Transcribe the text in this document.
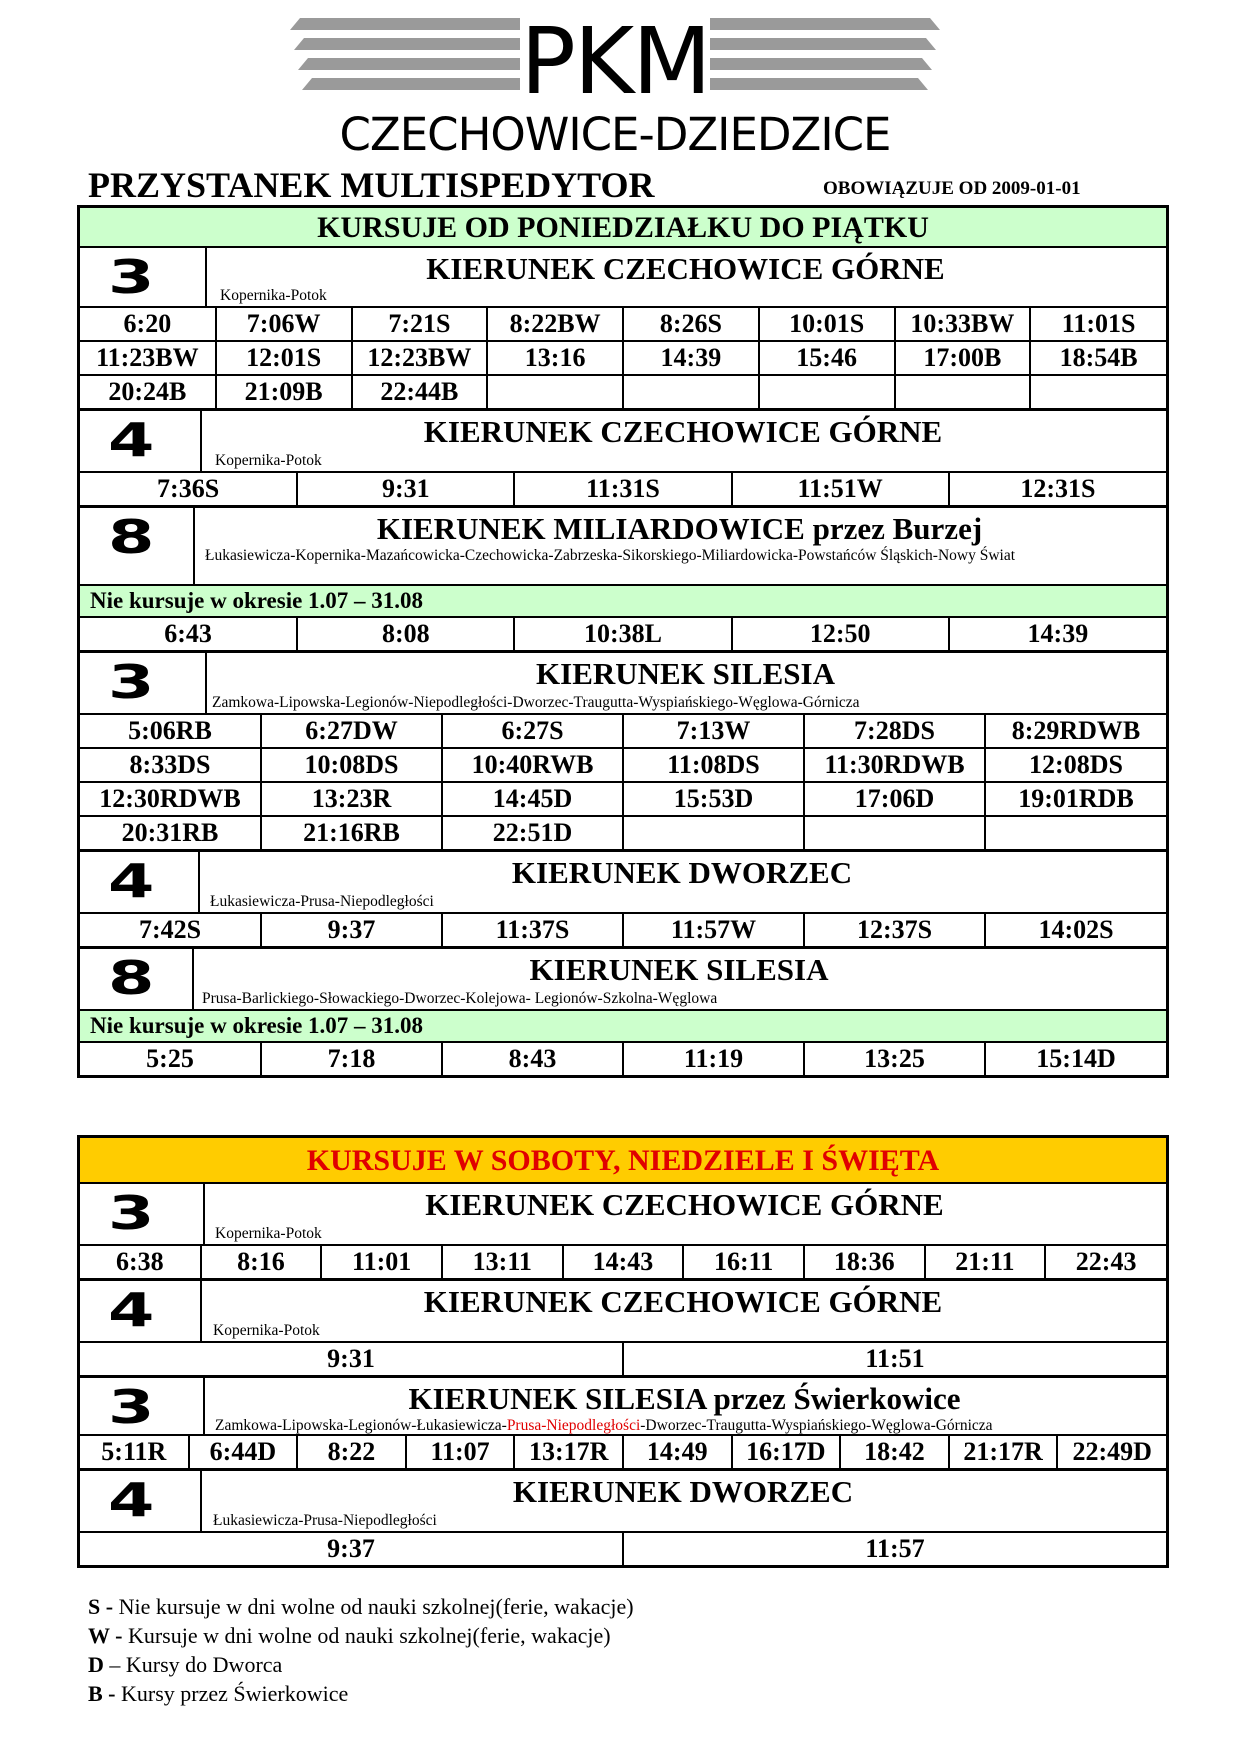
PKM
CZECHOWICE-DZIEDZICE
PRZYSTANEK MULTISPEDYTOR	OBOWIĄZUJE OD 2009-01-01
KURSUJE OD PONIEDZIAŁKU DO PIĄTKU
3	KIERUNEK CZECHOWICE GÓRNE
Kopernika-Potok
6:20	7:06W	7:21S	8:22BW	8:26S	10:01S	10:33BW	11:01S
11:23BW	12:01S	12:23BW	13:16	14:39	15:46	17:00B	18:54B
20:24B	21:09B	22:44B					
4	KIERUNEK CZECHOWICE GÓRNE
Kopernika-Potok
7:36S	9:31	11:31S	11:51W	12:31S
8	KIERUNEK MILIARDOWICE przez Burzej
Łukasiewicza-Kopernika-Mazańcowicka-Czechowicka-Zabrzeska-Sikorskiego-Miliardowicka-Powstańców Śląskich-Nowy Świat
Nie kursuje w okresie 1.07 – 31.08
6:43	8:08	10:38L	12:50	14:39
3	KIERUNEK SILESIA
Zamkowa-Lipowska-Legionów-Niepodległości-Dworzec-Traugutta-Wyspiańskiego-Węglowa-Górnicza
5:06RB	6:27DW	6:27S	7:13W	7:28DS	8:29RDWB
8:33DS	10:08DS	10:40RWB	11:08DS	11:30RDWB	12:08DS
12:30RDWB	13:23R	14:45D	15:53D	17:06D	19:01RDB
20:31RB	21:16RB	22:51D			
4	KIERUNEK DWORZEC
Łukasiewicza-Prusa-Niepodległości
7:42S	9:37	11:37S	11:57W	12:37S	14:02S
8	KIERUNEK SILESIA
Prusa-Barlickiego-Słowackiego-Dworzec-Kolejowa- Legionów-Szkolna-Węglowa
Nie kursuje w okresie 1.07 – 31.08
5:25	7:18	8:43	11:19	13:25	15:14D
KURSUJE W SOBOTY, NIEDZIELE I ŚWIĘTA
3	KIERUNEK CZECHOWICE GÓRNE
Kopernika-Potok
6:38	8:16	11:01	13:11	14:43	16:11	18:36	21:11	22:43
4	KIERUNEK CZECHOWICE GÓRNE
Kopernika-Potok
9:31	11:51
3	KIERUNEK SILESIA przez Świerkowice
Zamkowa-Lipowska-Legionów-Łukasiewicza-Prusa-Niepodległości-Dworzec-Traugutta-Wyspiańskiego-Węglowa-Górnicza
5:11R	6:44D	8:22	11:07	13:17R	14:49	16:17D	18:42	21:17R	22:49D
4	KIERUNEK DWORZEC
Łukasiewicza-Prusa-Niepodległości
9:37	11:57
S - Nie kursuje w dni wolne od nauki szkolnej(ferie, wakacje)
W - Kursuje w dni wolne od nauki szkolnej(ferie, wakacje)
D – Kursy do Dworca
B - Kursy przez Świerkowice
